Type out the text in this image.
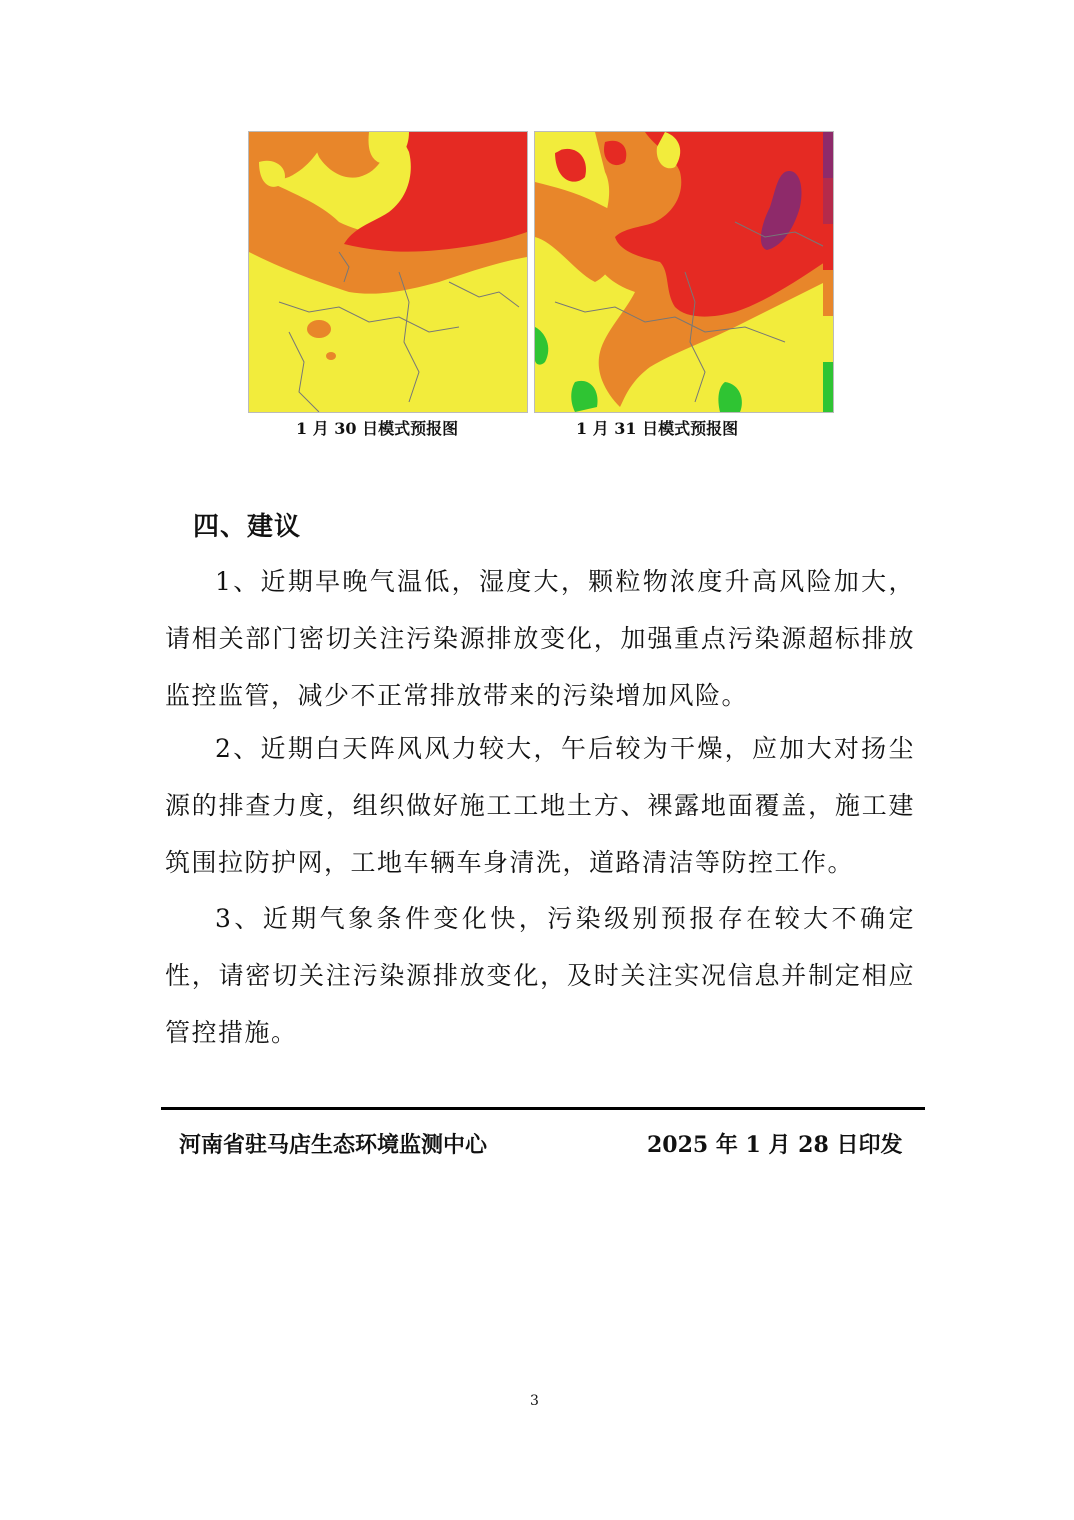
1 月 30 日模式预报图	1 月 31 日模式预报图
四、建议

1、近期早晚气温低，湿度大，颗粒物浓度升高风险加大，请相关部门密切关注污染源排放变化，加强重点污染源超标排放监控监管，减少不正常排放带来的污染增加风险。

2、近期白天阵风风力较大，午后较为干燥，应加大对扬尘源的排查力度，组织做好施工工地土方、裸露地面覆盖，施工建筑围拉防护网，工地车辆车身清洗，道路清洁等防控工作。

3、近期气象条件变化快，污染级别预报存在较大不确定性，请密切关注污染源排放变化，及时关注实况信息并制定相应管控措施。

河南省驻马店生态环境监测中心	2025 年 1 月 28 日印发
3
